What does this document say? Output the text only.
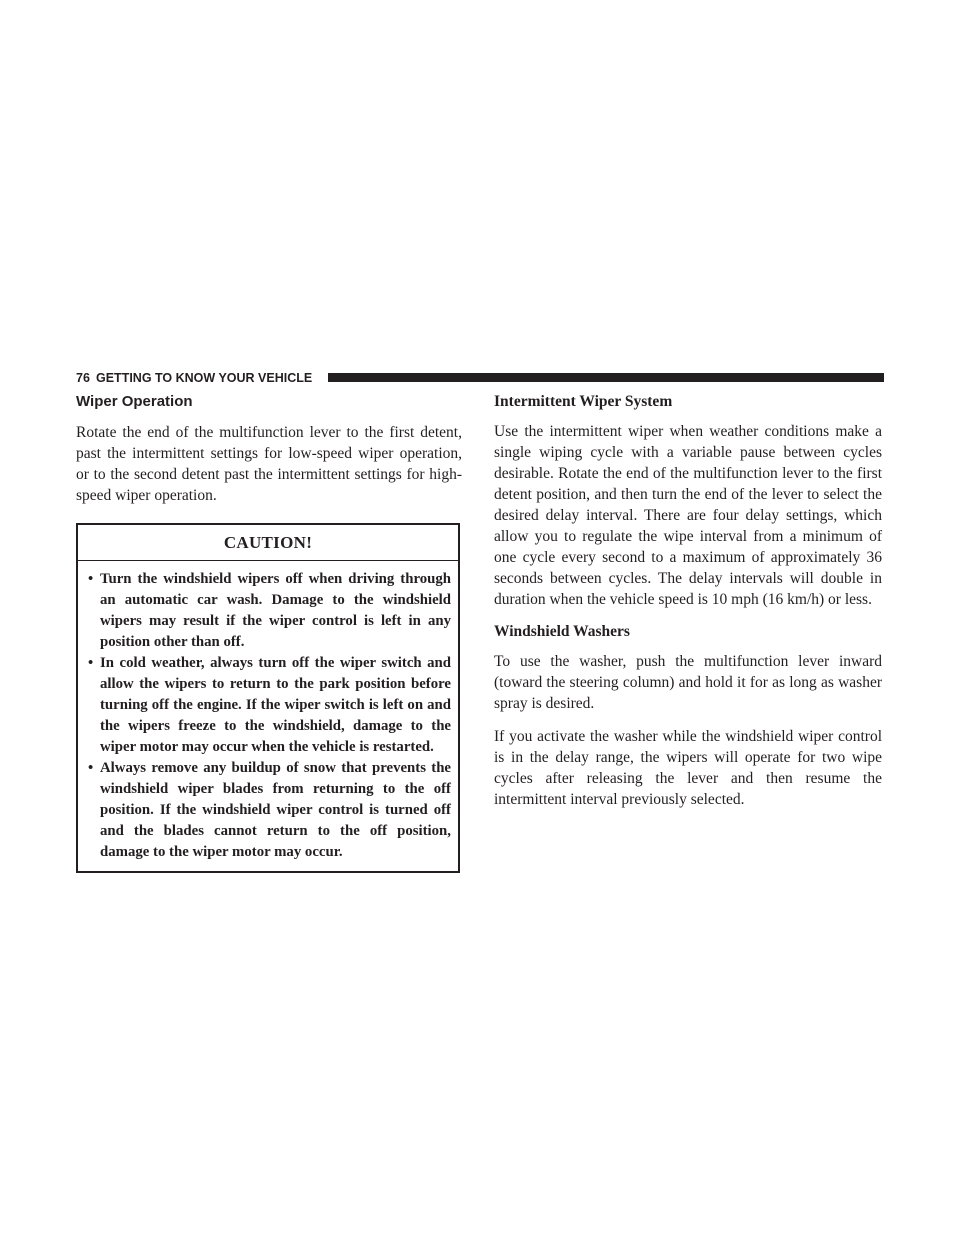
76 GETTING TO KNOW YOUR VEHICLE
Wiper Operation

Rotate the end of the multifunction lever to the first detent, past the intermittent settings for low-speed wiper operation, or to the second detent past the intermittent settings for high-speed wiper operation.

CAUTION!
• Turn the windshield wipers off when driving through an automatic car wash. Damage to the windshield wipers may result if the wiper control is left in any position other than off.
• In cold weather, always turn off the wiper switch and allow the wipers to return to the park position before turning off the engine. If the wiper switch is left on and the wipers freeze to the windshield, damage to the wiper motor may occur when the vehicle is restarted.
• Always remove any buildup of snow that prevents the windshield wiper blades from returning to the off position. If the windshield wiper control is turned off and the blades cannot return to the off position, damage to the wiper motor may occur.
Intermittent Wiper System

Use the intermittent wiper when weather conditions make a single wiping cycle with a variable pause between cycles desirable. Rotate the end of the multifunction lever to the first detent position, and then turn the end of the lever to select the desired delay interval. There are four delay settings, which allow you to regulate the wipe interval from a minimum of one cycle every second to a maximum of approximately 36 seconds between cycles. The delay intervals will double in duration when the vehicle speed is 10 mph (16 km/h) or less.

Windshield Washers

To use the washer, push the multifunction lever inward (toward the steering column) and hold it for as long as washer spray is desired.

If you activate the washer while the windshield wiper control is in the delay range, the wipers will operate for two wipe cycles after releasing the lever and then resume the intermittent interval previously selected.
